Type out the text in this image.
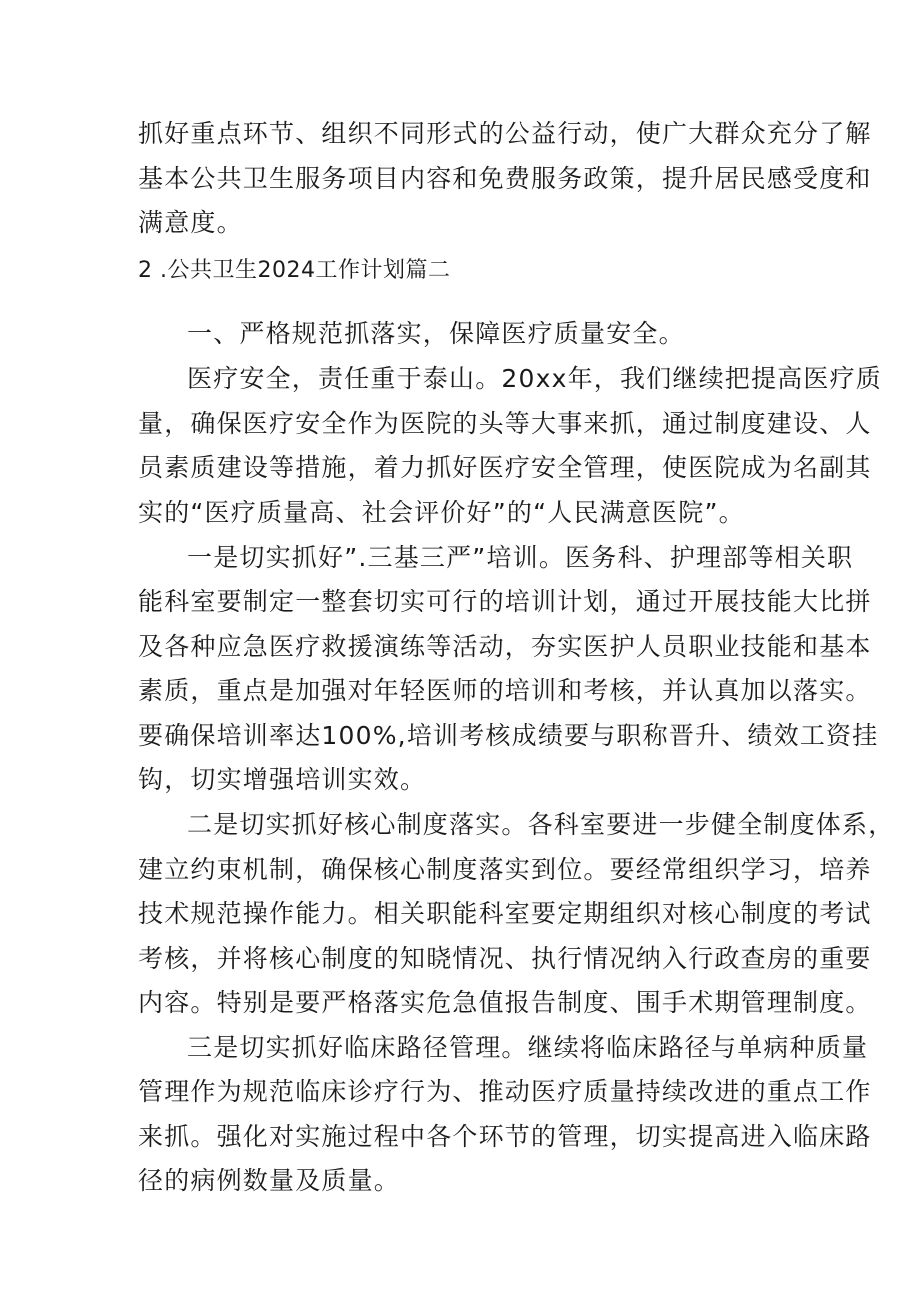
抓好重点环节、组织不同形式的公益行动，使广大群众充分了解
基本公共卫生服务项目内容和免费服务政策，提升居民感受度和
满意度。
2 .公共卫生2024工作计划篇二
一、严格规范抓落实，保障医疗质量安全。
医疗安全，责任重于泰山。20xx年，我们继续把提高医疗质
量，确保医疗安全作为医院的头等大事来抓，通过制度建设、人
员素质建设等措施，着力抓好医疗安全管理，使医院成为名副其
实的“医疗质量高、社会评价好”的“人民满意医院”。
一是切实抓好”.三基三严”培训。医务科、护理部等相关职
能科室要制定一整套切实可行的培训计划，通过开展技能大比拼
及各种应急医疗救援演练等活动，夯实医护人员职业技能和基本
素质，重点是加强对年轻医师的培训和考核，并认真加以落实。
要确保培训率达100%,培训考核成绩要与职称晋升、绩效工资挂
钩，切实增强培训实效。
二是切实抓好核心制度落实。各科室要进一步健全制度体系，
建立约束机制，确保核心制度落实到位。要经常组织学习，培养
技术规范操作能力。相关职能科室要定期组织对核心制度的考试
考核，并将核心制度的知晓情况、执行情况纳入行政查房的重要
内容。特别是要严格落实危急值报告制度、围手术期管理制度。
三是切实抓好临床路径管理。继续将临床路径与单病种质量
管理作为规范临床诊疗行为、推动医疗质量持续改进的重点工作
来抓。强化对实施过程中各个环节的管理，切实提高进入临床路
径的病例数量及质量。
